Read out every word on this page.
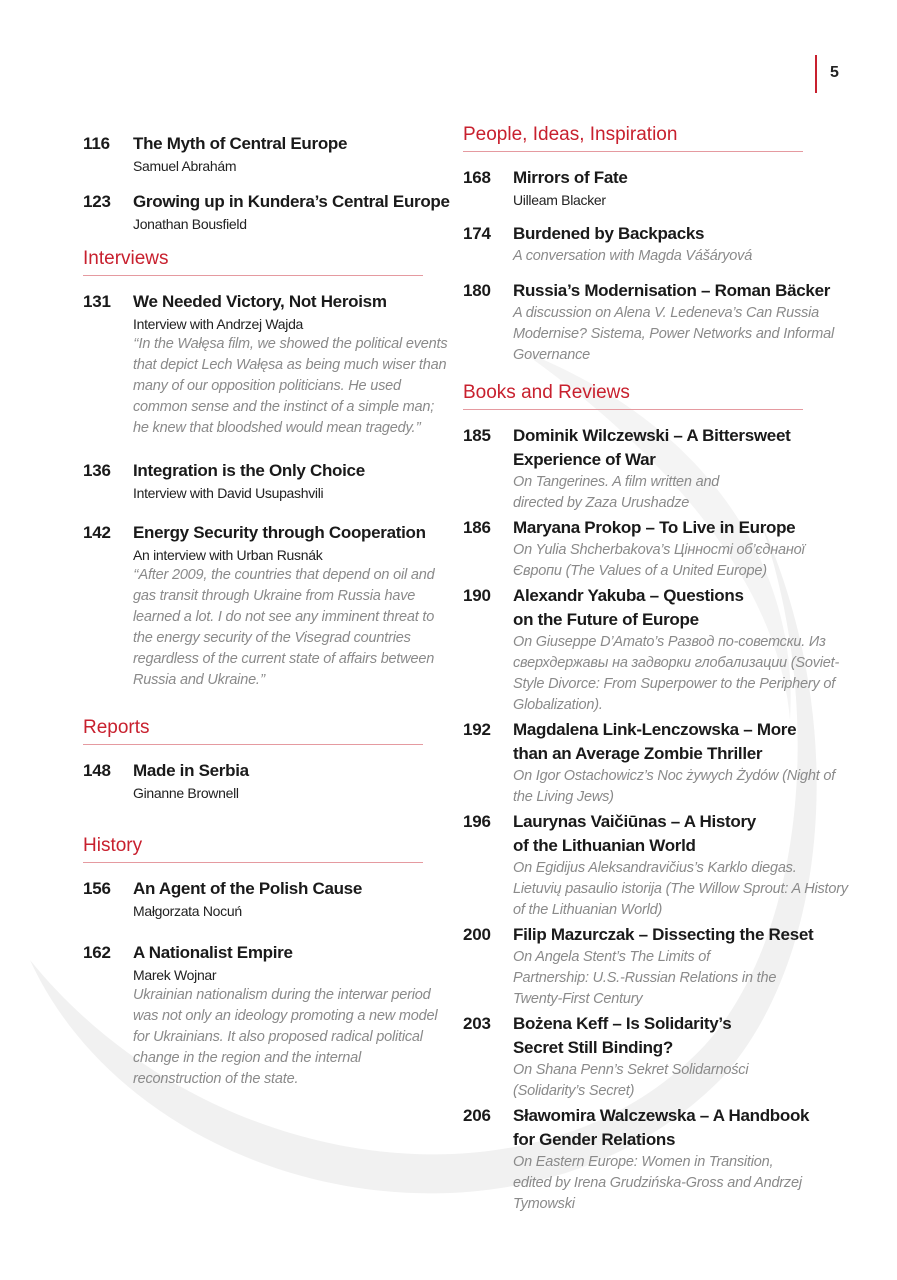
5
116	The Myth of Central Europe
Samuel Abrahám
123	Growing up in Kundera’s Central Europe
Jonathan Bousfield
Interviews
131	We Needed Victory, Not Heroism
Interview with Andrzej Wajda
‘‘In the Wałęsa film, we showed the political events that depict Lech Wałęsa as being much wiser than many of our opposition politicians. He used common sense and the instinct of a simple man; he knew that bloodshed would mean tragedy.’’
136	Integration is the Only Choice
Interview with David Usupashvili
142	Energy Security through Cooperation
An interview with Urban Rusnák
‘‘After 2009, the countries that depend on oil and gas transit through Ukraine from Russia have learned a lot. I do not see any imminent threat to the energy security of the Visegrad countries regardless of the current state of affairs between Russia and Ukraine.’’
Reports
148	Made in Serbia
Ginanne Brownell
History
156	An Agent of the Polish Cause
Małgorzata Nocuń
162	A Nationalist Empire
Marek Wojnar
Ukrainian nationalism during the interwar period was not only an ideology promoting a new model for Ukrainians. It also proposed radical political change in the region and the internal reconstruction of the state.
People, Ideas, Inspiration
168	Mirrors of Fate
Uilleam Blacker
174	Burdened by Backpacks
A conversation with Magda Vášáryová
180	Russia’s Modernisation – Roman Bäcker
A discussion on Alena V. Ledeneva’s Can Russia Modernise? Sistema, Power Networks and Informal Governance
Books and Reviews
185	Dominik Wilczewski – A Bittersweet Experience of War
On Tangerines. A film written and directed by Zaza Urushadze
186	Maryana Prokop – To Live in Europe
On Yulia Shcherbakova’s Цінності об’єднаної Європи (The Values of a United Europe)
190	Alexandr Yakuba – Questions on the Future of Europe
On Giuseppe D’Amato’s Развод по-советски. Из сверхдержавы на задворки глобализации (Soviet-Style Divorce: From Superpower to the Periphery of Globalization).
192	Magdalena Link-Lenczowska – More than an Average Zombie Thriller
On Igor Ostachowicz’s Noc żywych Żydów (Night of the Living Jews)
196	Laurynas Vaičiūnas – A History of the Lithuanian World
On Egidijus Aleksandravičius’s Karklo diegas. Lietuvių pasaulio istorija (The Willow Sprout: A History of the Lithuanian World)
200	Filip Mazurczak – Dissecting the Reset
On Angela Stent’s The Limits of Partnership: U.S.-Russian Relations in the Twenty-First Century
203	Bożena Keff – Is Solidarity’s Secret Still Binding?
On Shana Penn’s Sekret Solidarności (Solidarity’s Secret)
206	Sławomira Walczewska – A Handbook for Gender Relations
On Eastern Europe: Women in Transition, edited by Irena Grudzińska-Gross and Andrzej Tymowski
